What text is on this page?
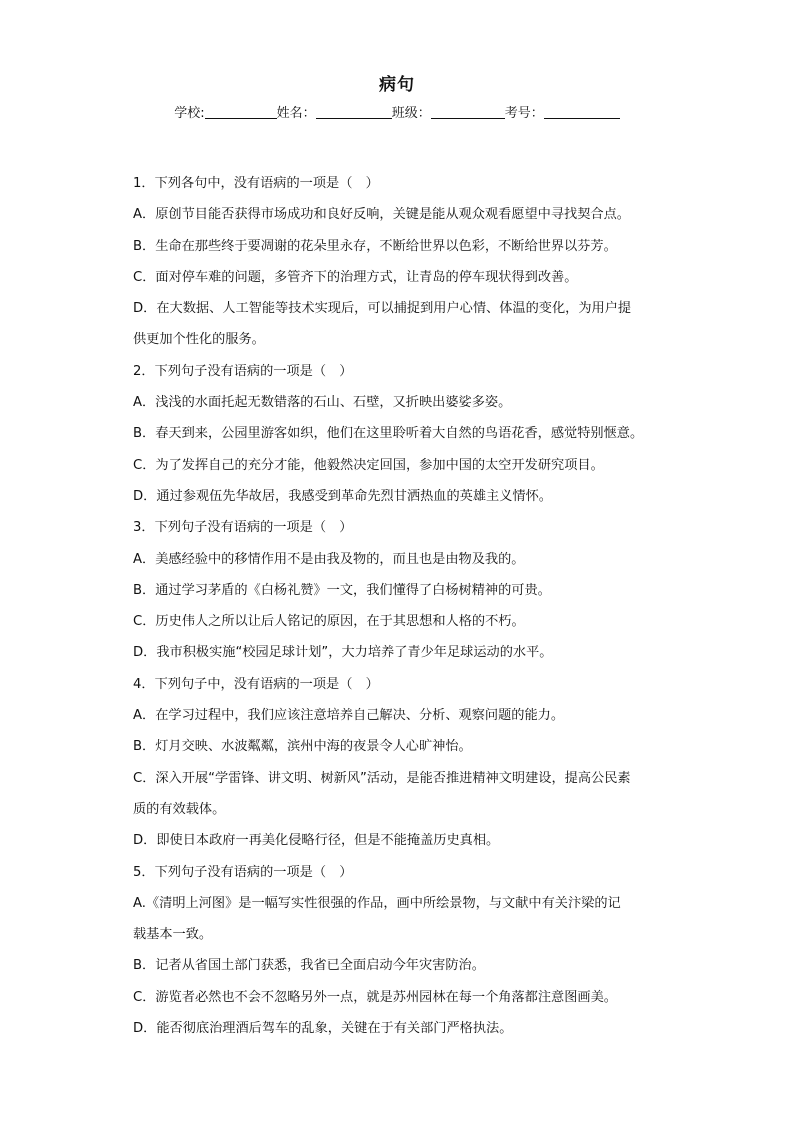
病句
学校:	姓名：	班级：	考号：
1．下列各句中，没有语病的一项是（　）
A．原创节目能否获得市场成功和良好反响，关键是能从观众观看愿望中寻找契合点。
B．生命在那些终于要凋谢的花朵里永存，不断给世界以色彩，不断给世界以芬芳。
C．面对停车难的问题，多管齐下的治理方式，让青岛的停车现状得到改善。
D．在大数据、人工智能等技术实现后，可以捕捉到用户心情、体温的变化，为用户提
供更加个性化的服务。
2．下列句子没有语病的一项是（　）
A．浅浅的水面托起无数错落的石山、石壁，又折映出婆娑多姿。
B．春天到来，公园里游客如织，他们在这里聆听着大自然的鸟语花香，感觉特别惬意。
C．为了发挥自己的充分才能，他毅然决定回国，参加中国的太空开发研究项目。
D．通过参观伍先华故居，我感受到革命先烈甘洒热血的英雄主义情怀。
3．下列句子没有语病的一项是（　）
A．美感经验中的移情作用不是由我及物的，而且也是由物及我的。
B．通过学习茅盾的《白杨礼赞》一文，我们懂得了白杨树精神的可贵。
C．历史伟人之所以让后人铭记的原因，在于其思想和人格的不朽。
D．我市积极实施“校园足球计划”，大力培养了青少年足球运动的水平。
4．下列句子中，没有语病的一项是（　）
A．在学习过程中，我们应该注意培养自己解决、分析、观察问题的能力。
B．灯月交映、水波粼粼，滨州中海的夜景令人心旷神怡。
C．深入开展“学雷锋、讲文明、树新风”活动，是能否推进精神文明建设，提高公民素
质的有效载体。
D．即使日本政府一再美化侵略行径，但是不能掩盖历史真相。
5．下列句子没有语病的一项是（　）
A.《清明上河图》是一幅写实性很强的作品，画中所绘景物，与文献中有关汴梁的记
载基本一致。
B．记者从省国土部门获悉，我省已全面启动今年灾害防治。
C．游览者必然也不会不忽略另外一点，就是苏州园林在每一个角落都注意图画美。
D．能否彻底治理酒后驾车的乱象，关键在于有关部门严格执法。
